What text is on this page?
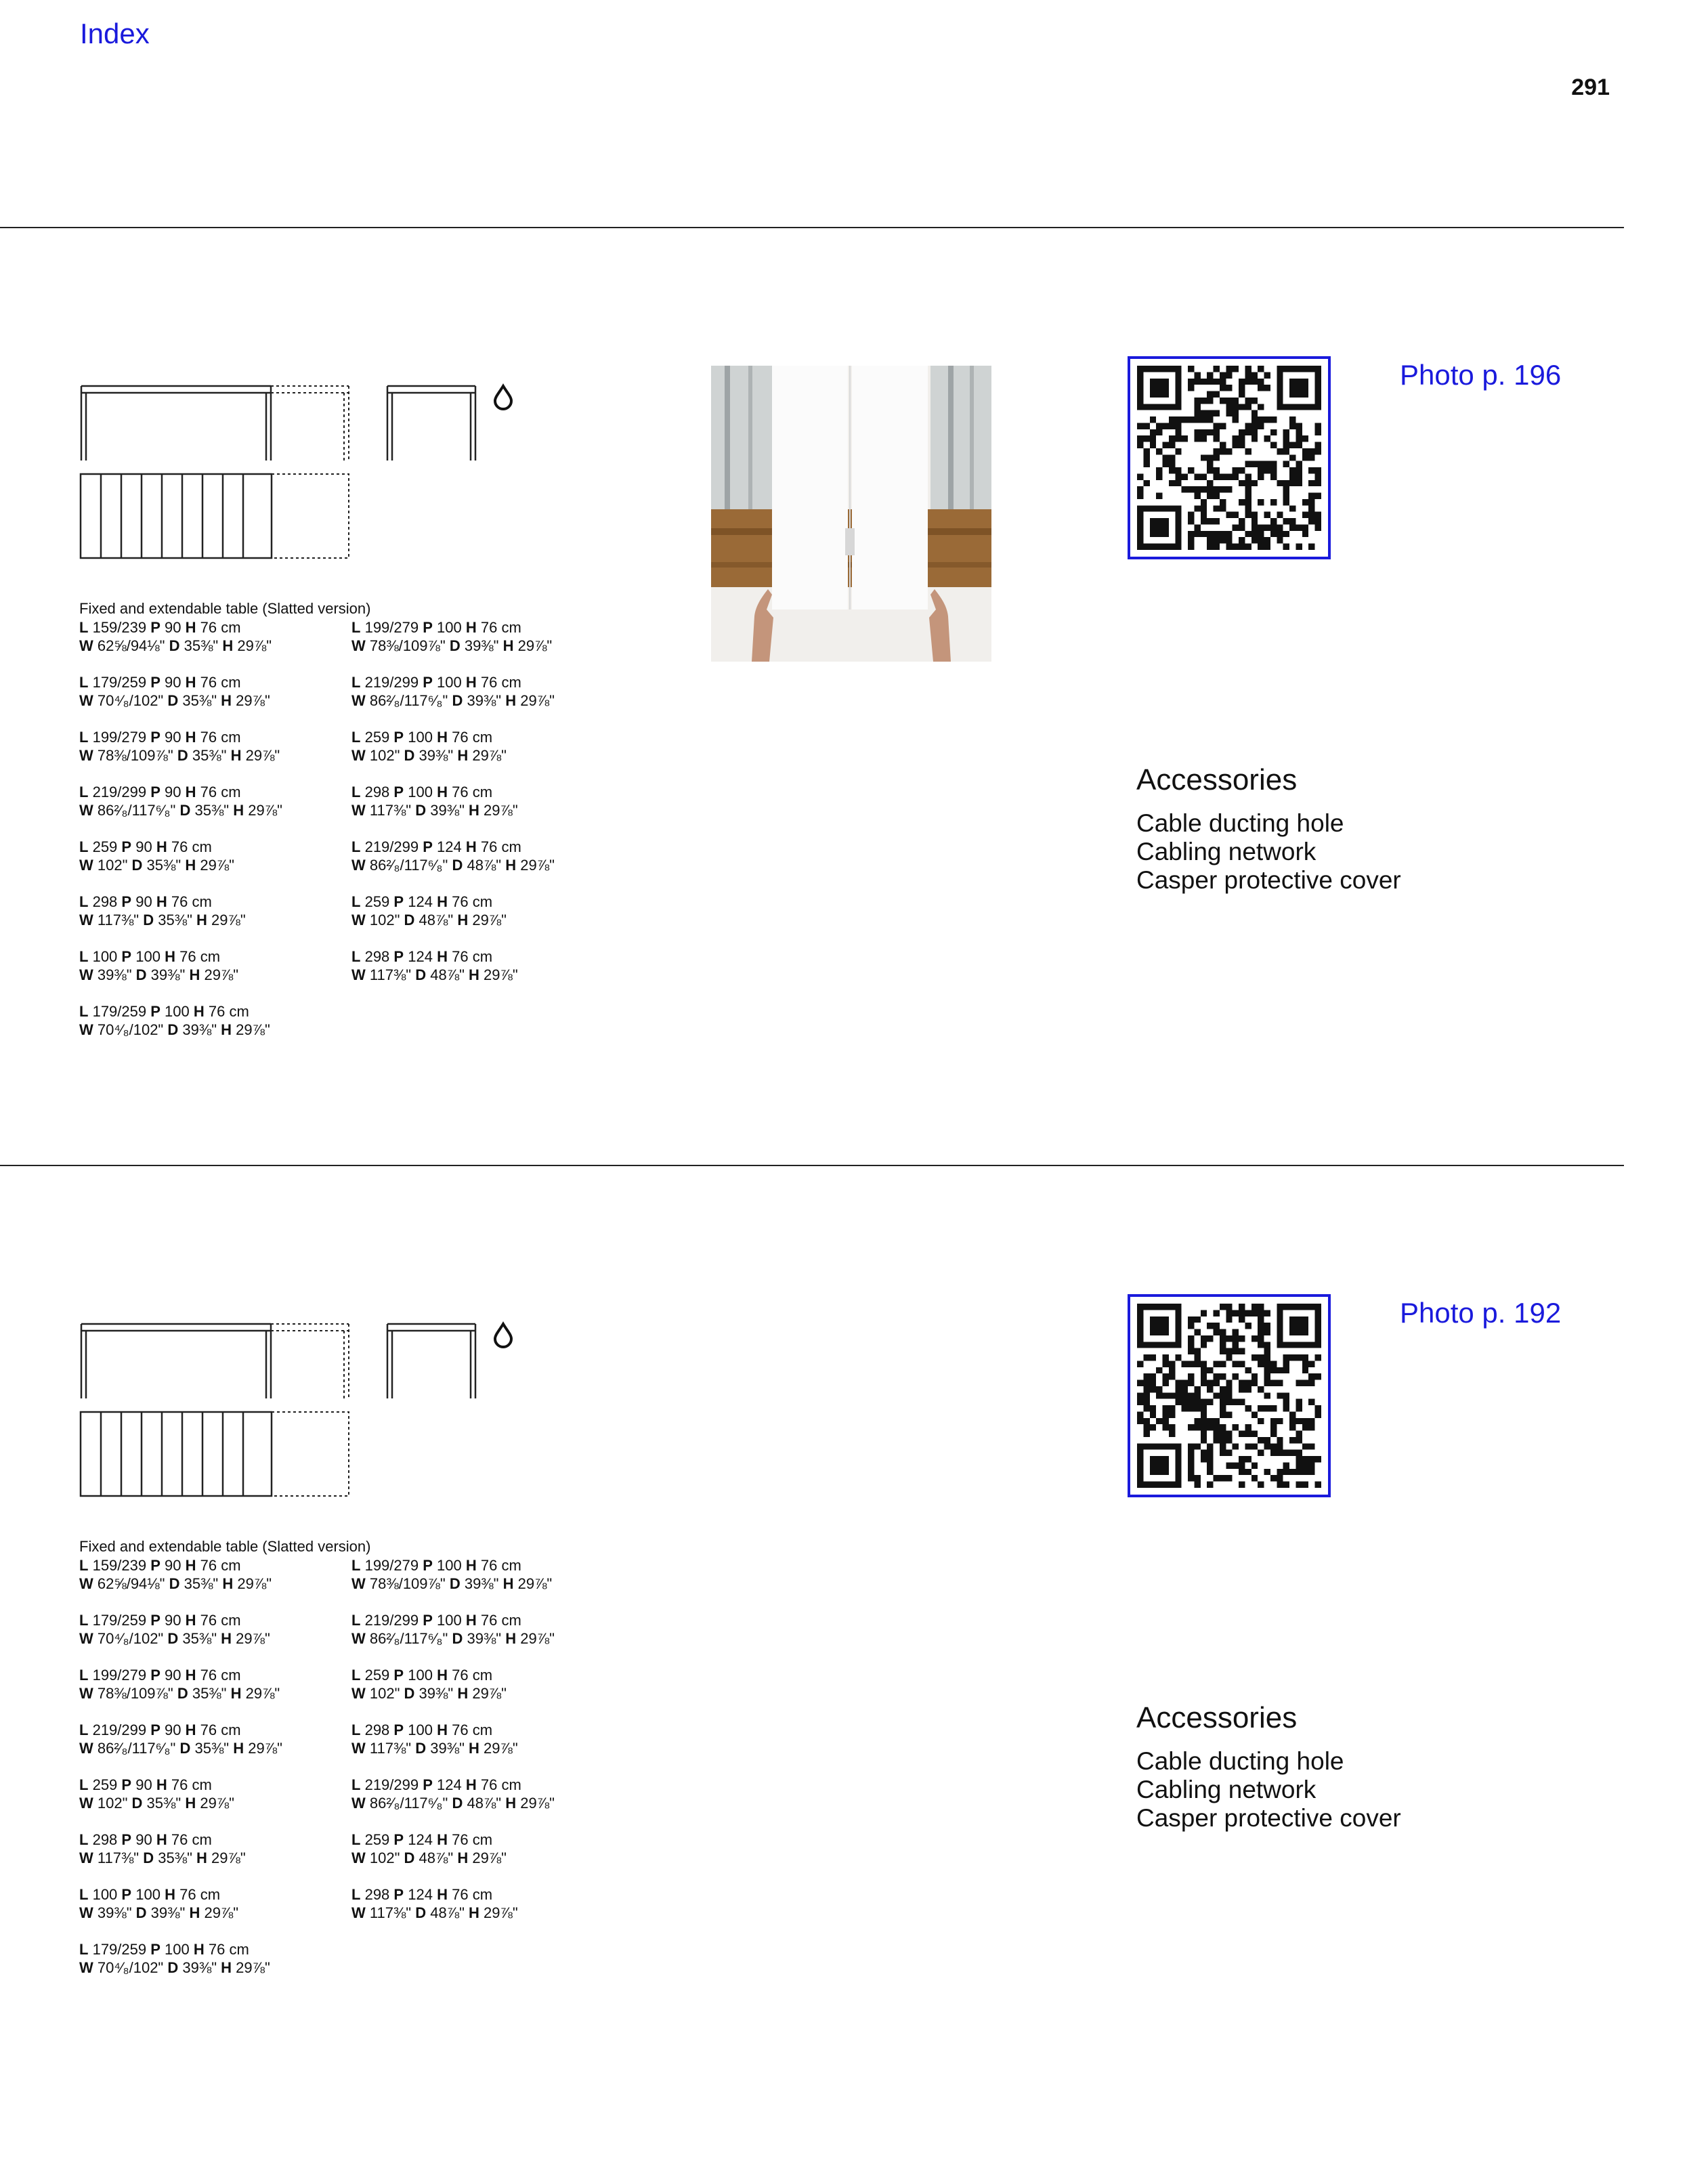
Index
291
Fixed and extendable table (Slatted version)
L 159/239 P 90 H 76 cm
W 62⅝/94⅛" D 35⅜" H 29⅞"
L 199/279 P 100 H 76 cm
W 78⅜/109⅞" D 39⅜" H 29⅞"
L 179/259 P 90 H 76 cm
W 70⁴⁄₈/102" D 35⅜" H 29⅞"
L 219/299 P 100 H 76 cm
W 86²⁄₈/117⁶⁄₈" D 39⅜" H 29⅞"
L 199/279 P 90 H 76 cm
W 78⅜/109⅞" D 35⅜" H 29⅞"
L 259 P 100 H 76 cm
W 102" D 39⅜" H 29⅞"
L 219/299 P 90 H 76 cm
W 86²⁄₈/117⁶⁄₈" D 35⅜" H 29⅞"
L 298 P 100 H 76 cm
W 117⅜" D 39⅜" H 29⅞"
L 259 P 90 H 76 cm
W 102" D 35⅜" H 29⅞"
L 219/299 P 124 H 76 cm
W 86²⁄₈/117⁶⁄₈" D 48⅞" H 29⅞"
L 298 P 90 H 76 cm
W 117⅜" D 35⅜" H 29⅞"
L 259 P 124 H 76 cm
W 102" D 48⅞" H 29⅞"
L 100 P 100 H 76 cm
W 39⅜" D 39⅜" H 29⅞"
L 298 P 124 H 76 cm
W 117⅜" D 48⅞" H 29⅞"
L 179/259 P 100 H 76 cm
W 70⁴⁄₈/102" D 39⅜" H 29⅞"
Photo p. 196
Accessories
Cable ducting hole
Cabling network
Casper protective cover
Fixed and extendable table (Slatted version)
L 159/239 P 90 H 76 cm
W 62⅝/94⅛" D 35⅜" H 29⅞"
L 199/279 P 100 H 76 cm
W 78⅜/109⅞" D 39⅜" H 29⅞"
L 179/259 P 90 H 76 cm
W 70⁴⁄₈/102" D 35⅜" H 29⅞"
L 219/299 P 100 H 76 cm
W 86²⁄₈/117⁶⁄₈" D 39⅜" H 29⅞"
L 199/279 P 90 H 76 cm
W 78⅜/109⅞" D 35⅜" H 29⅞"
L 259 P 100 H 76 cm
W 102" D 39⅜" H 29⅞"
L 219/299 P 90 H 76 cm
W 86²⁄₈/117⁶⁄₈" D 35⅜" H 29⅞"
L 298 P 100 H 76 cm
W 117⅜" D 39⅜" H 29⅞"
L 259 P 90 H 76 cm
W 102" D 35⅜" H 29⅞"
L 219/299 P 124 H 76 cm
W 86²⁄₈/117⁶⁄₈" D 48⅞" H 29⅞"
L 298 P 90 H 76 cm
W 117⅜" D 35⅜" H 29⅞"
L 259 P 124 H 76 cm
W 102" D 48⅞" H 29⅞"
L 100 P 100 H 76 cm
W 39⅜" D 39⅜" H 29⅞"
L 298 P 124 H 76 cm
W 117⅜" D 48⅞" H 29⅞"
L 179/259 P 100 H 76 cm
W 70⁴⁄₈/102" D 39⅜" H 29⅞"
Photo p. 192
Accessories
Cable ducting hole
Cabling network
Casper protective cover
